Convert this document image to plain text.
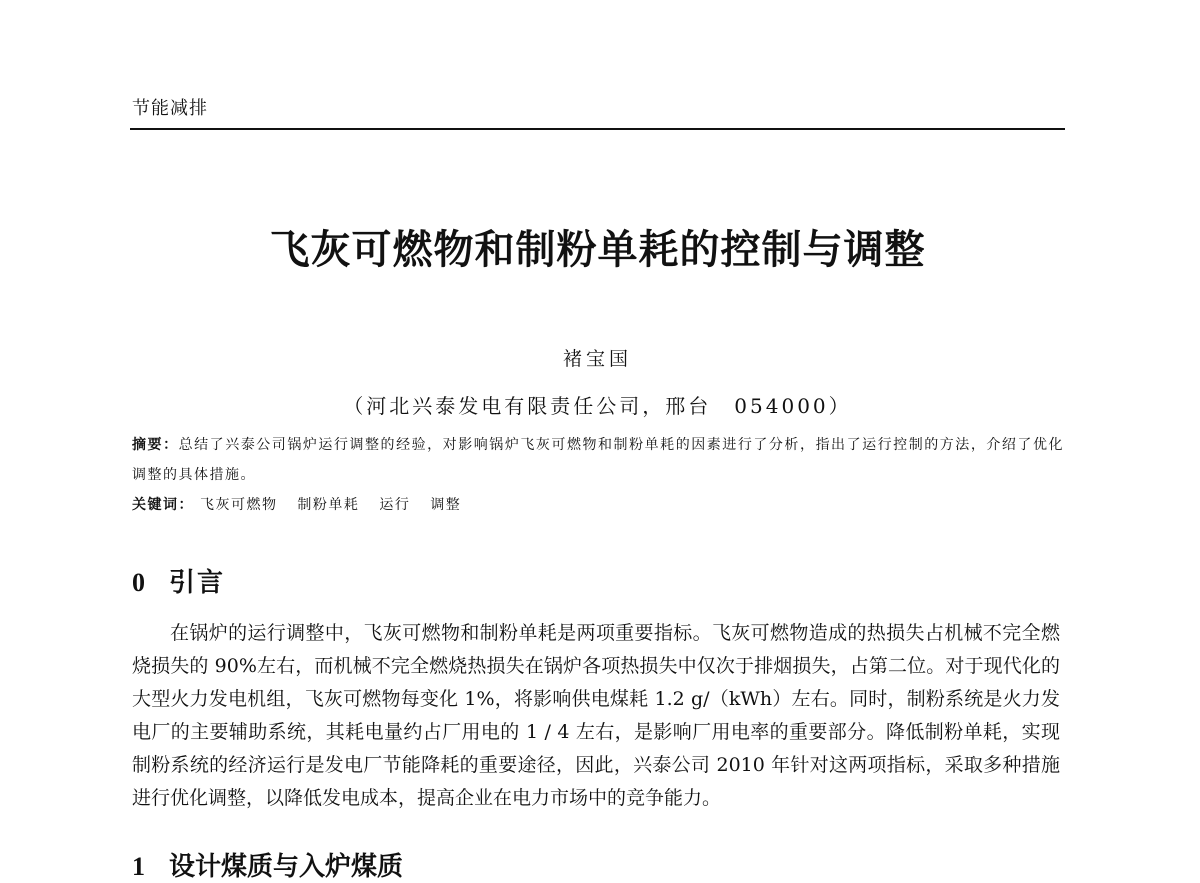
节能减排
飞灰可燃物和制粉单耗的控制与调整
褚宝国
（河北兴泰发电有限责任公司，邢台　054000）
摘要：总结了兴泰公司锅炉运行调整的经验，对影响锅炉飞灰可燃物和制粉单耗的因素进行了分析，指出了运行控制的方法，介绍了优化调整的具体措施。
关键词： 飞灰可燃物 制粉单耗 运行 调整
0 引言

在锅炉的运行调整中，飞灰可燃物和制粉单耗是两项重要指标。飞灰可燃物造成的热损失占机械不完全燃烧损失的 90%左右，而机械不完全燃烧热损失在锅炉各项热损失中仅次于排烟损失，占第二位。对于现代化的大型火力发电机组，飞灰可燃物每变化 1%，将影响供电煤耗 1.2 g/（kWh）左右。同时，制粉系统是火力发电厂的主要辅助系统，其耗电量约占厂用电的 1 / 4 左右，是影响厂用电率的重要部分。降低制粉单耗，实现制粉系统的经济运行是发电厂节能降耗的重要途径，因此，兴泰公司 2010 年针对这两项指标，采取多种措施进行优化调整，以降低发电成本，提高企业在电力市场中的竞争能力。

1 设计煤质与入炉煤质
